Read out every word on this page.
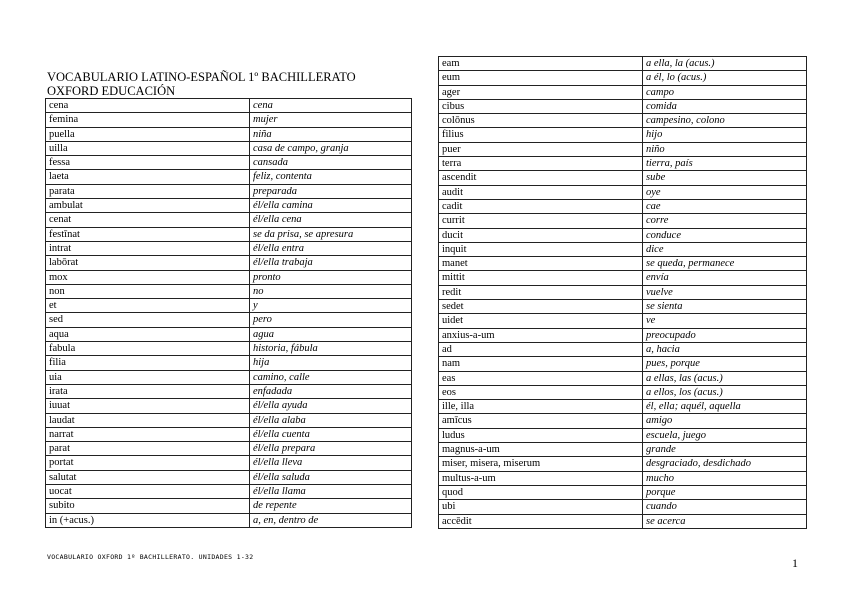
VOCABULARIO LATINO-ESPAÑOL 1º BACHILLERATO
OXFORD EDUCACIÓN
cena	cena
femina	mujer
puella	niña
uilla	casa de campo, granja
fessa	cansada
laeta	feliz, contenta
parata	preparada
ambulat	él/ella camina
cenat	él/ella cena
festīnat	se da prisa, se apresura
intrat	él/ella entra
labōrat	él/ella trabaja
mox	pronto
non	no
et	y
sed	pero
aqua	agua
fabula	historia, fábula
filia	hija
uia	camino, calle
irata	enfadada
iuuat	él/ella ayuda
laudat	él/ella alaba
narrat	él/ella cuenta
parat	él/ella prepara
portat	él/ella lleva
salutat	él/ella saluda
uocat	él/ella llama
subito	de repente
in (+acus.)	a, en, dentro de
eam	a ella, la (acus.)
eum	a él, lo (acus.)
ager	campo
cibus	comida
colōnus	campesino, colono
filius	hijo
puer	niño
terra	tierra, país
ascendit	sube
audit	oye
cadit	cae
currit	corre
ducit	conduce
inquit	dice
manet	se queda, permanece
mittit	envía
redit	vuelve
sedet	se sienta
uidet	ve
anxius-a-um	preocupado
ad	a, hacia
nam	pues, porque
eas	a ellas, las (acus.)
eos	a ellos, los (acus.)
ille, illa	él, ella; aquél, aquella
amīcus	amigo
ludus	escuela, juego
magnus-a-um	grande
miser, misera, miserum	desgraciado, desdichado
multus-a-um	mucho
quod	porque
ubi	cuando
accēdit	se acerca

VOCABULARIO OXFORD 1º BACHILLERATO. UNIDADES 1-32	1
